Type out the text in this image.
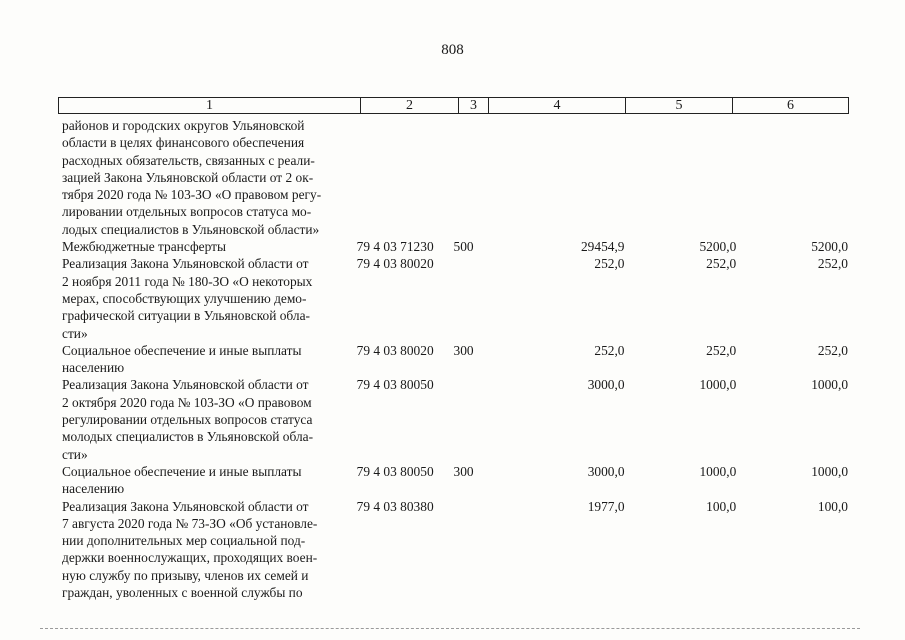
808
1	2	3	4	5	6
районов и городских округов Ульяновской
области в целях финансового обеспечения
расходных обязательств, связанных с реали-
зацией Закона Ульяновской области от 2 ок-
тября 2020 года № 103-ЗО «О правовом регу-
лировании отдельных вопросов статуса мо-
лодых специалистов в Ульяновской области»
Межбюджетные трансферты	79 4 03 71230	500	29454,9	5200,0	5200,0
Реализация Закона Ульяновской области от
2 ноября 2011 года № 180-ЗО «О некоторых
мерах, способствующих улучшению демо-
графической ситуации в Ульяновской обла-
сти»
79 4 03 80020	252,0	252,0	252,0
Социальное обеспечение и иные выплаты
населению
79 4 03 80020	300	252,0	252,0	252,0
Реализация Закона Ульяновской области от
2 октября 2020 года № 103-ЗО «О правовом
регулировании отдельных вопросов статуса
молодых специалистов в Ульяновской обла-
сти»
79 4 03 80050	3000,0	1000,0	1000,0
Социальное обеспечение и иные выплаты
населению
79 4 03 80050	300	3000,0	1000,0	1000,0
Реализация Закона Ульяновской области от
7 августа 2020 года № 73-ЗО «Об установле-
нии дополнительных мер социальной под-
держки военнослужащих, проходящих воен-
ную службу по призыву, членов их семей и
граждан, уволенных с военной службы по
79 4 03 80380	1977,0	100,0	100,0
